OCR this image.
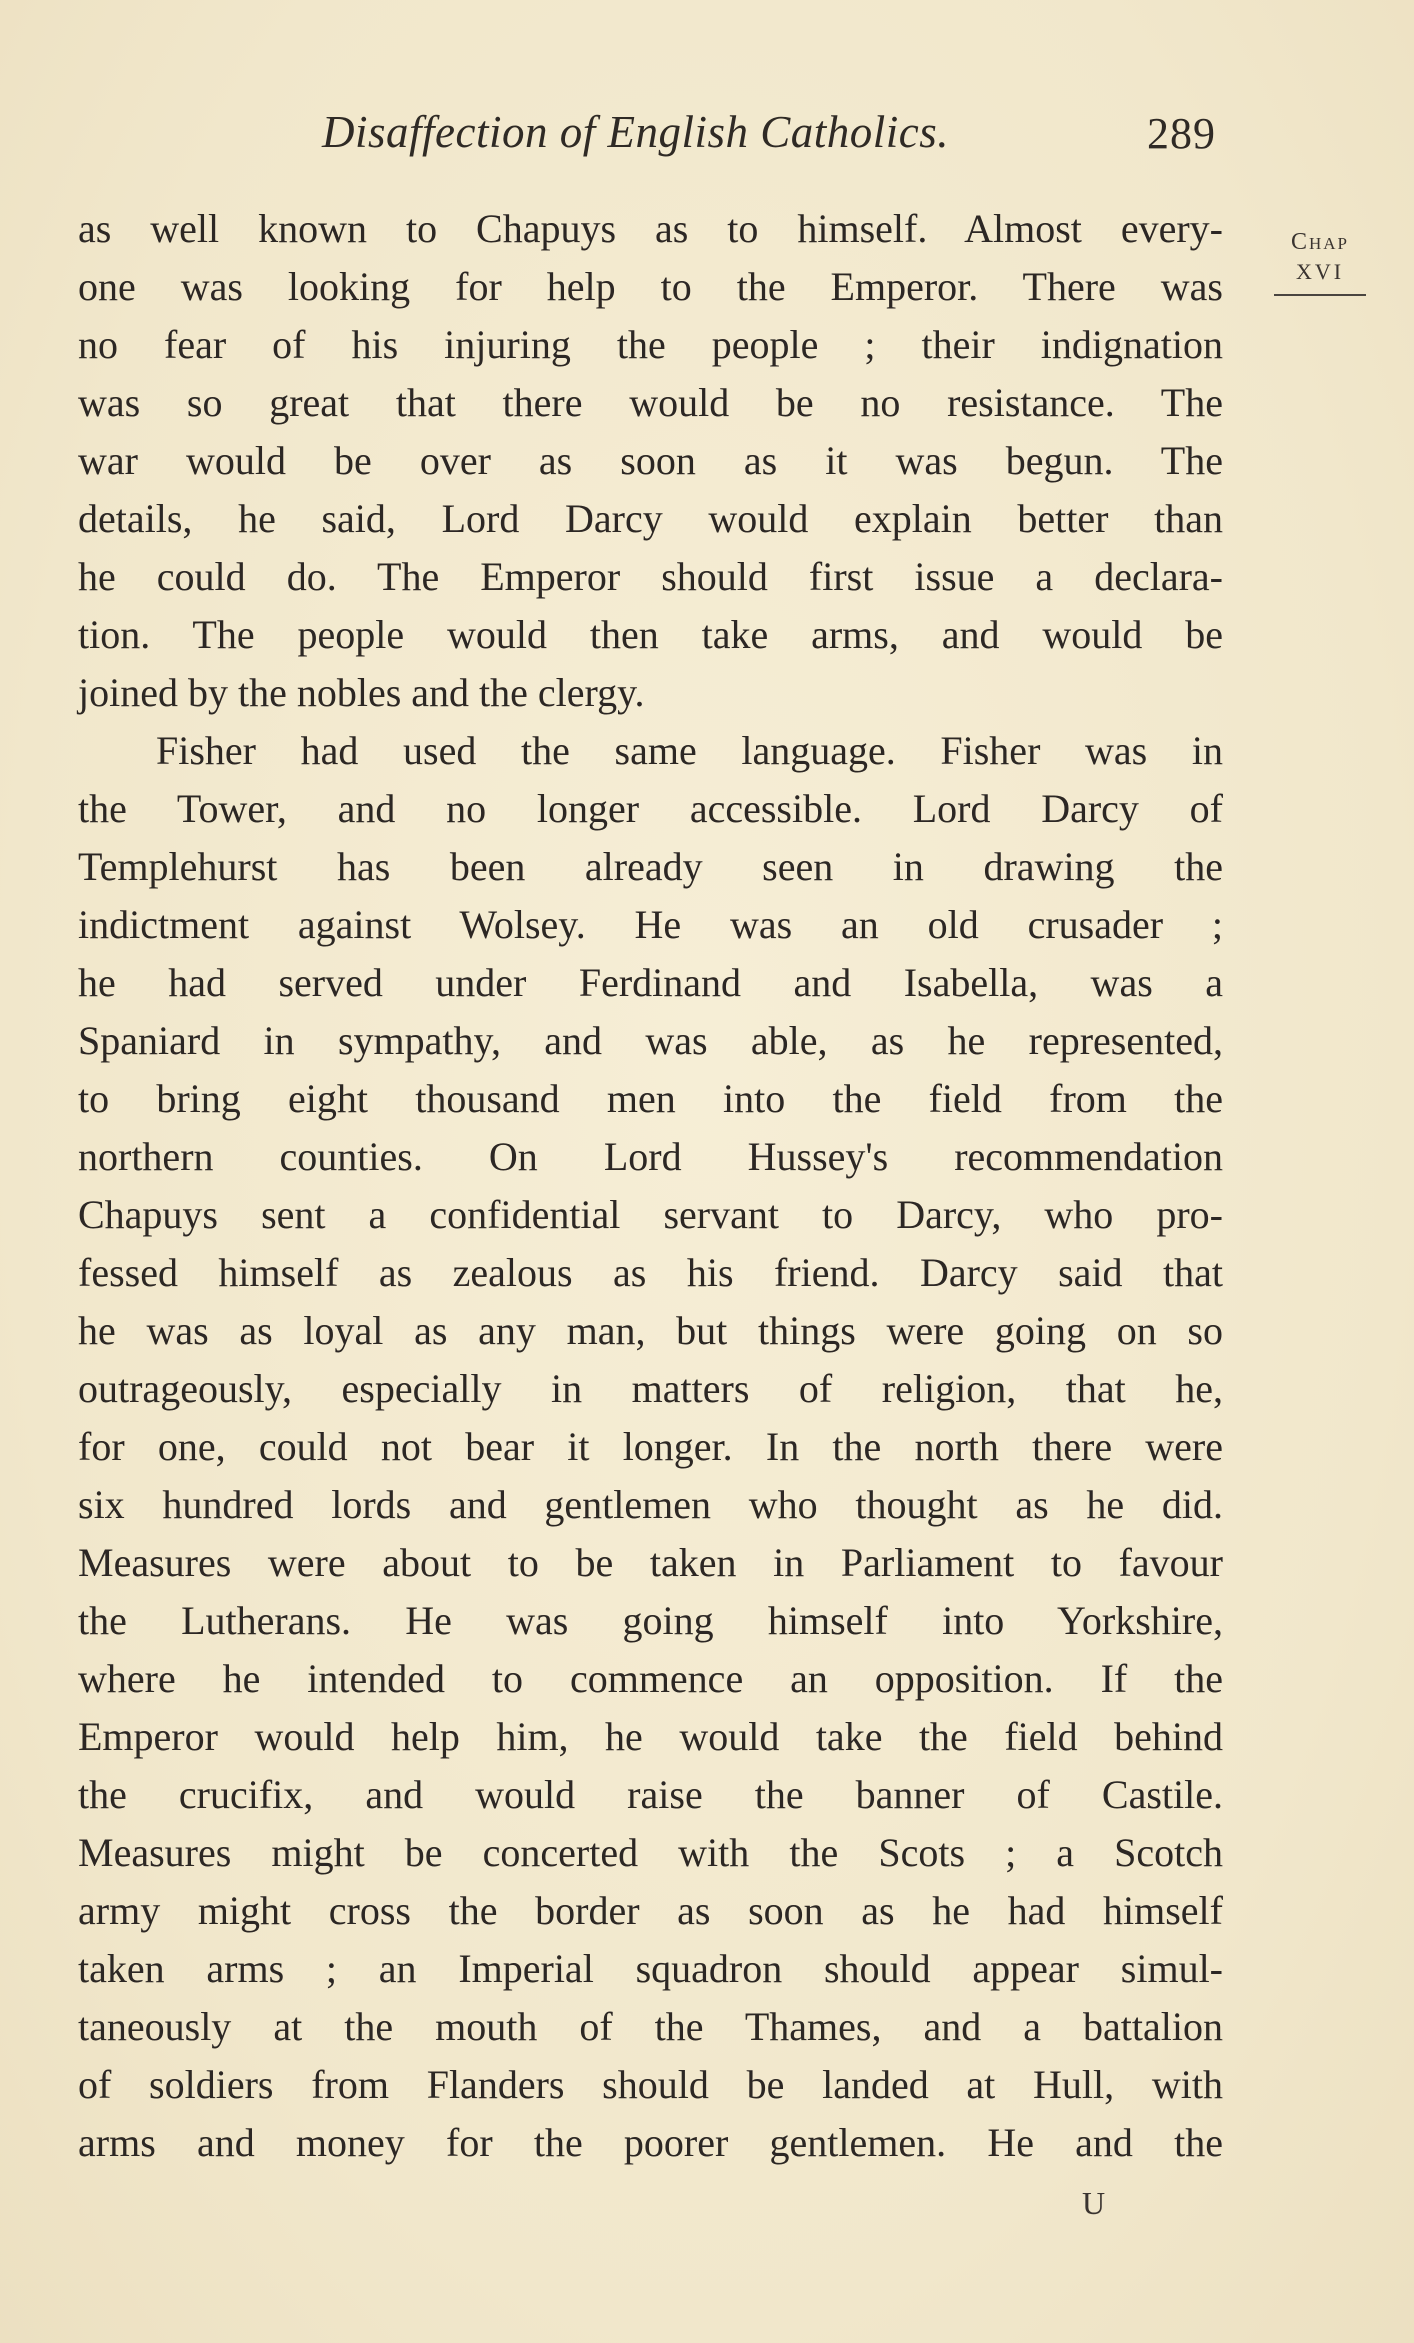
Disaffection of English Catholics.	289
Chap
XVI
as well known to Chapuys as to himself. Almost every-
one was looking for help to the Emperor. There was
no fear of his injuring the people ; their indignation
was so great that there would be no resistance. The
war would be over as soon as it was begun. The
details, he said, Lord Darcy would explain better than
he could do. The Emperor should first issue a declara-
tion. The people would then take arms, and would be
joined by the nobles and the clergy.
Fisher had used the same language. Fisher was in
the Tower, and no longer accessible. Lord Darcy of
Templehurst has been already seen in drawing the
indictment against Wolsey. He was an old crusader ;
he had served under Ferdinand and Isabella, was a
Spaniard in sympathy, and was able, as he represented,
to bring eight thousand men into the field from the
northern counties. On Lord Hussey's recommendation
Chapuys sent a confidential servant to Darcy, who pro-
fessed himself as zealous as his friend. Darcy said that
he was as loyal as any man, but things were going on so
outrageously, especially in matters of religion, that he,
for one, could not bear it longer. In the north there were
six hundred lords and gentlemen who thought as he did.
Measures were about to be taken in Parliament to favour
the Lutherans. He was going himself into Yorkshire,
where he intended to commence an opposition. If the
Emperor would help him, he would take the field behind
the crucifix, and would raise the banner of Castile.
Measures might be concerted with the Scots ; a Scotch
army might cross the border as soon as he had himself
taken arms ; an Imperial squadron should appear simul-
taneously at the mouth of the Thames, and a battalion
of soldiers from Flanders should be landed at Hull, with
arms and money for the poorer gentlemen. He and the
U
